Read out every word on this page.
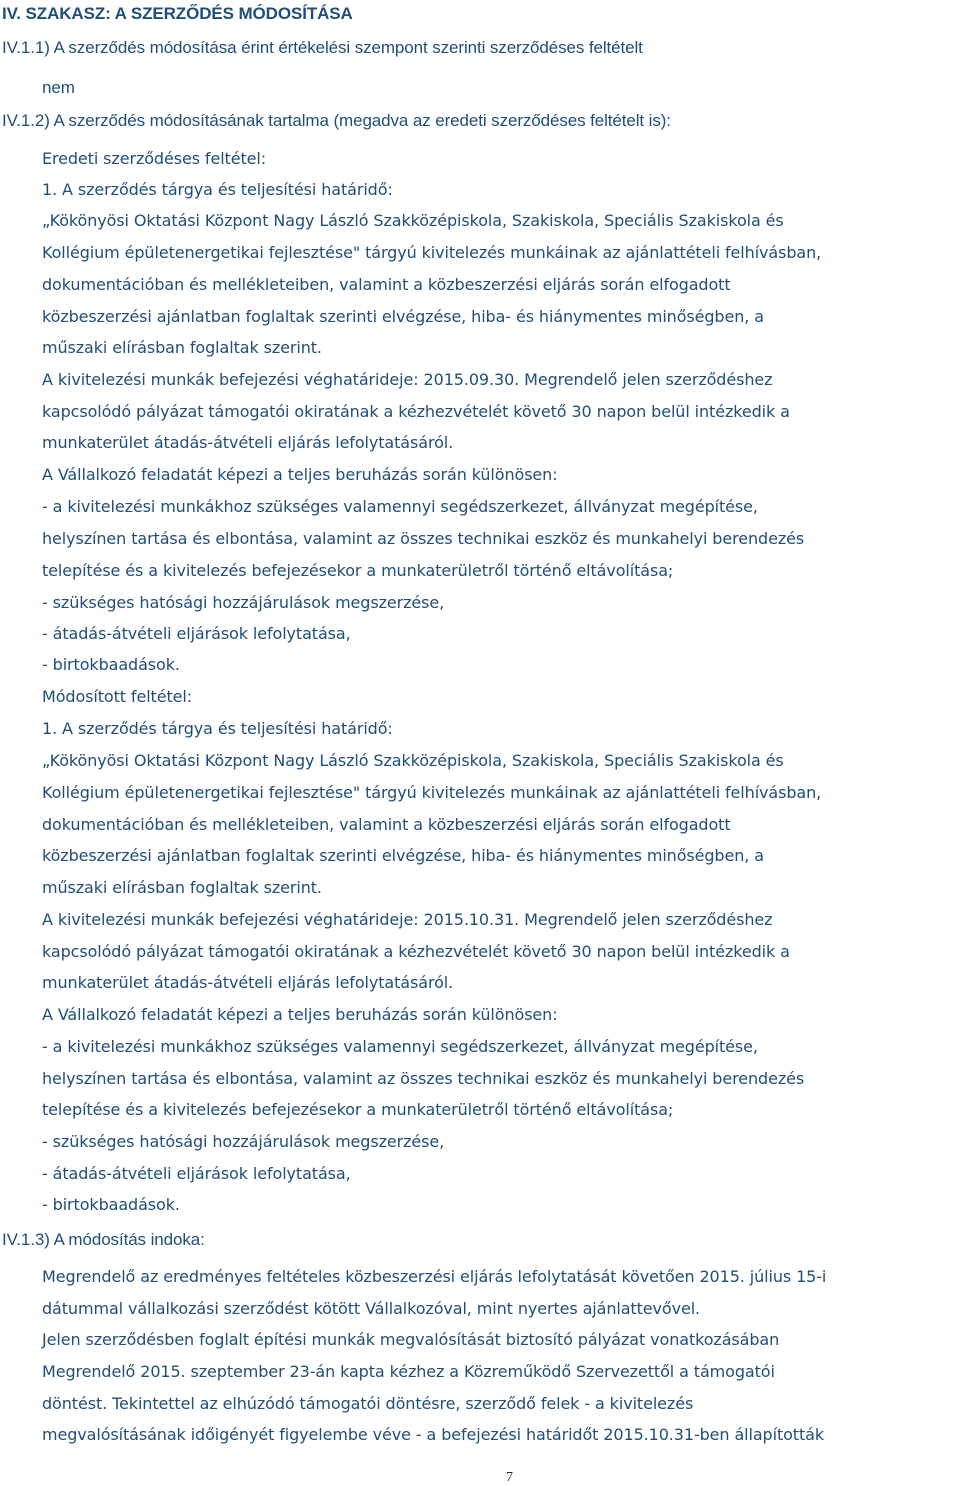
IV. SZAKASZ: A SZERZŐDÉS MÓDOSÍTÁSA
IV.1.1) A szerződés módosítása érint értékelési szempont szerinti szerződéses feltételt
nem
IV.1.2) A szerződés módosításának tartalma (megadva az eredeti szerződéses feltételt is):
Eredeti szerződéses feltétel:
1. A szerződés tárgya és teljesítési határidő:
„Kökönyösi Oktatási Központ Nagy László Szakközépiskola, Szakiskola, Speciális Szakiskola és
Kollégium épületenergetikai fejlesztése" tárgyú kivitelezés munkáinak az ajánlattételi felhívásban,
dokumentációban és mellékleteiben, valamint a közbeszerzési eljárás során elfogadott
közbeszerzési ajánlatban foglaltak szerinti elvégzése, hiba- és hiánymentes minőségben, a
műszaki elírásban foglaltak szerint.
A kivitelezési munkák befejezési véghatárideje: 2015.09.30. Megrendelő jelen szerződéshez
kapcsolódó pályázat támogatói okiratának a kézhezvételét követő 30 napon belül intézkedik a
munkaterület átadás-átvételi eljárás lefolytatásáról.
A Vállalkozó feladatát képezi a teljes beruházás során különösen:
- a kivitelezési munkákhoz szükséges valamennyi segédszerkezet, állványzat megépítése,
helyszínen tartása és elbontása, valamint az összes technikai eszköz és munkahelyi berendezés
telepítése és a kivitelezés befejezésekor a munkaterületről történő eltávolítása;
- szükséges hatósági hozzájárulások megszerzése,
- átadás-átvételi eljárások lefolytatása,
- birtokbaadások.
Módosított feltétel:
1. A szerződés tárgya és teljesítési határidő:
„Kökönyösi Oktatási Központ Nagy László Szakközépiskola, Szakiskola, Speciális Szakiskola és
Kollégium épületenergetikai fejlesztése" tárgyú kivitelezés munkáinak az ajánlattételi felhívásban,
dokumentációban és mellékleteiben, valamint a közbeszerzési eljárás során elfogadott
közbeszerzési ajánlatban foglaltak szerinti elvégzése, hiba- és hiánymentes minőségben, a
műszaki elírásban foglaltak szerint.
A kivitelezési munkák befejezési véghatárideje: 2015.10.31. Megrendelő jelen szerződéshez
kapcsolódó pályázat támogatói okiratának a kézhezvételét követő 30 napon belül intézkedik a
munkaterület átadás-átvételi eljárás lefolytatásáról.
A Vállalkozó feladatát képezi a teljes beruházás során különösen:
- a kivitelezési munkákhoz szükséges valamennyi segédszerkezet, állványzat megépítése,
helyszínen tartása és elbontása, valamint az összes technikai eszköz és munkahelyi berendezés
telepítése és a kivitelezés befejezésekor a munkaterületről történő eltávolítása;
- szükséges hatósági hozzájárulások megszerzése,
- átadás-átvételi eljárások lefolytatása,
- birtokbaadások.
IV.1.3) A módosítás indoka:
Megrendelő az eredményes feltételes közbeszerzési eljárás lefolytatását követően 2015. július 15-i
dátummal vállalkozási szerződést kötött Vállalkozóval, mint nyertes ajánlattevővel.
Jelen szerződésben foglalt építési munkák megvalósítását biztosító pályázat vonatkozásában
Megrendelő 2015. szeptember 23-án kapta kézhez a Közreműködő Szervezettől a támogatói
döntést. Tekintettel az elhúzódó támogatói döntésre, szerződő felek - a kivitelezés
megvalósításának időigényét figyelembe véve - a befejezési határidőt 2015.10.31-ben állapították
7
